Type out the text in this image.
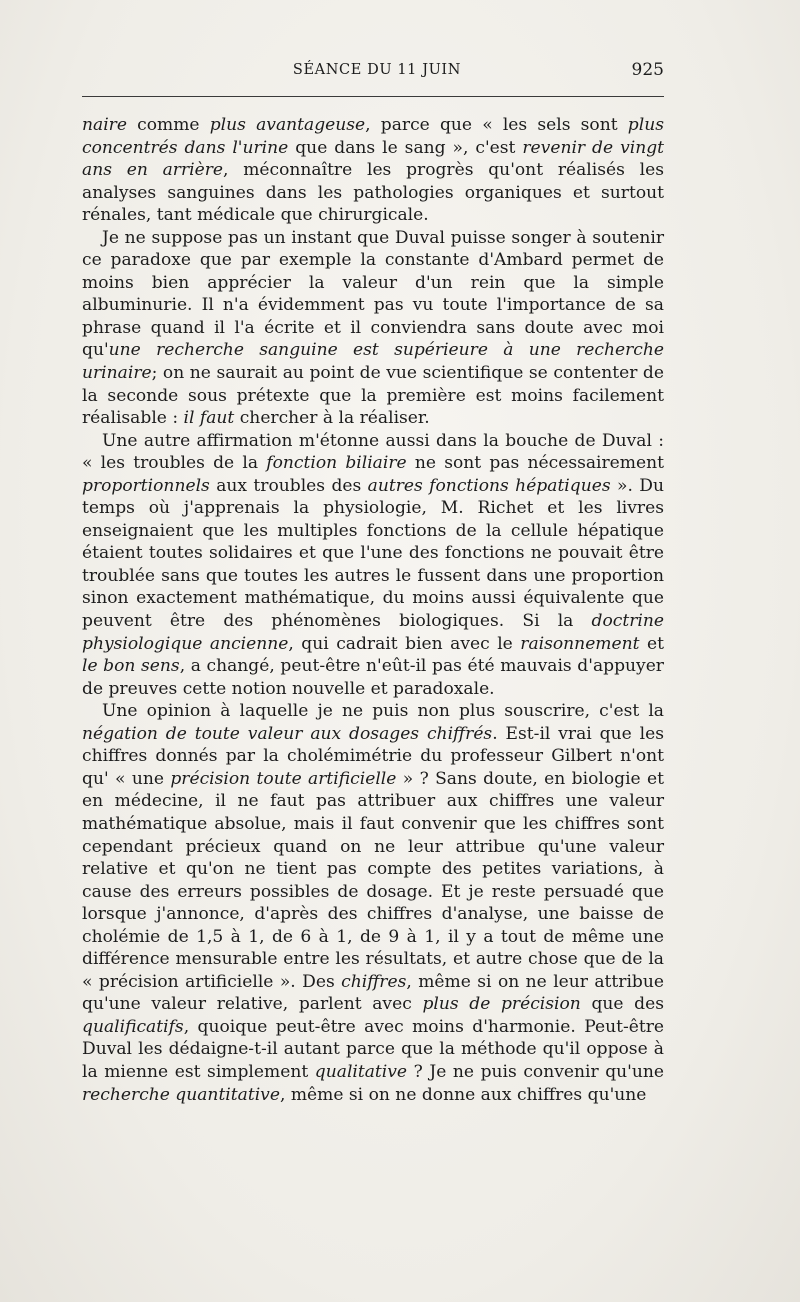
SÉANCE DU 11 JUIN	925

naire comme plus avantageuse, parce que « les sels sont plus concentrés dans l'urine que dans le sang », c'est revenir de vingt ans en arrière, méconnaître les progrès qu'ont réalisés les analyses sanguines dans les pathologies organiques et surtout rénales, tant médicale que chirurgicale.

Je ne suppose pas un instant que Duval puisse songer à soutenir ce paradoxe que par exemple la constante d'Ambard permet de moins bien apprécier la valeur d'un rein que la simple albuminurie. Il n'a évidemment pas vu toute l'importance de sa phrase quand il l'a écrite et il conviendra sans doute avec moi qu'une recherche sanguine est supérieure à une recherche urinaire; on ne saurait au point de vue scientifique se contenter de la seconde sous prétexte que la première est moins facilement réalisable : il faut chercher à la réaliser.

Une autre affirmation m'étonne aussi dans la bouche de Duval : « les troubles de la fonction biliaire ne sont pas nécessairement proportionnels aux troubles des autres fonctions hépatiques ». Du temps où j'apprenais la physiologie, M. Richet et les livres enseignaient que les multiples fonctions de la cellule hépatique étaient toutes solidaires et que l'une des fonctions ne pouvait être troublée sans que toutes les autres le fussent dans une proportion sinon exactement mathématique, du moins aussi équivalente que peuvent être des phénomènes biologiques. Si la doctrine physiologique ancienne, qui cadrait bien avec le raisonnement et le bon sens, a changé, peut-être n'eût-il pas été mauvais d'appuyer de preuves cette notion nouvelle et paradoxale.

Une opinion à laquelle je ne puis non plus souscrire, c'est la négation de toute valeur aux dosages chiffrés. Est-il vrai que les chiffres donnés par la cholémimétrie du professeur Gilbert n'ont qu' « une précision toute artificielle » ? Sans doute, en biologie et en médecine, il ne faut pas attribuer aux chiffres une valeur mathématique absolue, mais il faut convenir que les chiffres sont cependant précieux quand on ne leur attribue qu'une valeur relative et qu'on ne tient pas compte des petites variations, à cause des erreurs possibles de dosage. Et je reste persuadé que lorsque j'annonce, d'après des chiffres d'analyse, une baisse de cholémie de 1,5 à 1, de 6 à 1, de 9 à 1, il y a tout de même une différence mensurable entre les résultats, et autre chose que de la « précision artificielle ». Des chiffres, même si on ne leur attribue qu'une valeur relative, parlent avec plus de précision que des qualificatifs, quoique peut-être avec moins d'harmonie. Peut-être Duval les dédaigne-t-il autant parce que la méthode qu'il oppose à la mienne est simplement qualitative ? Je ne puis convenir qu'une recherche quantitative, même si on ne donne aux chiffres qu'une
